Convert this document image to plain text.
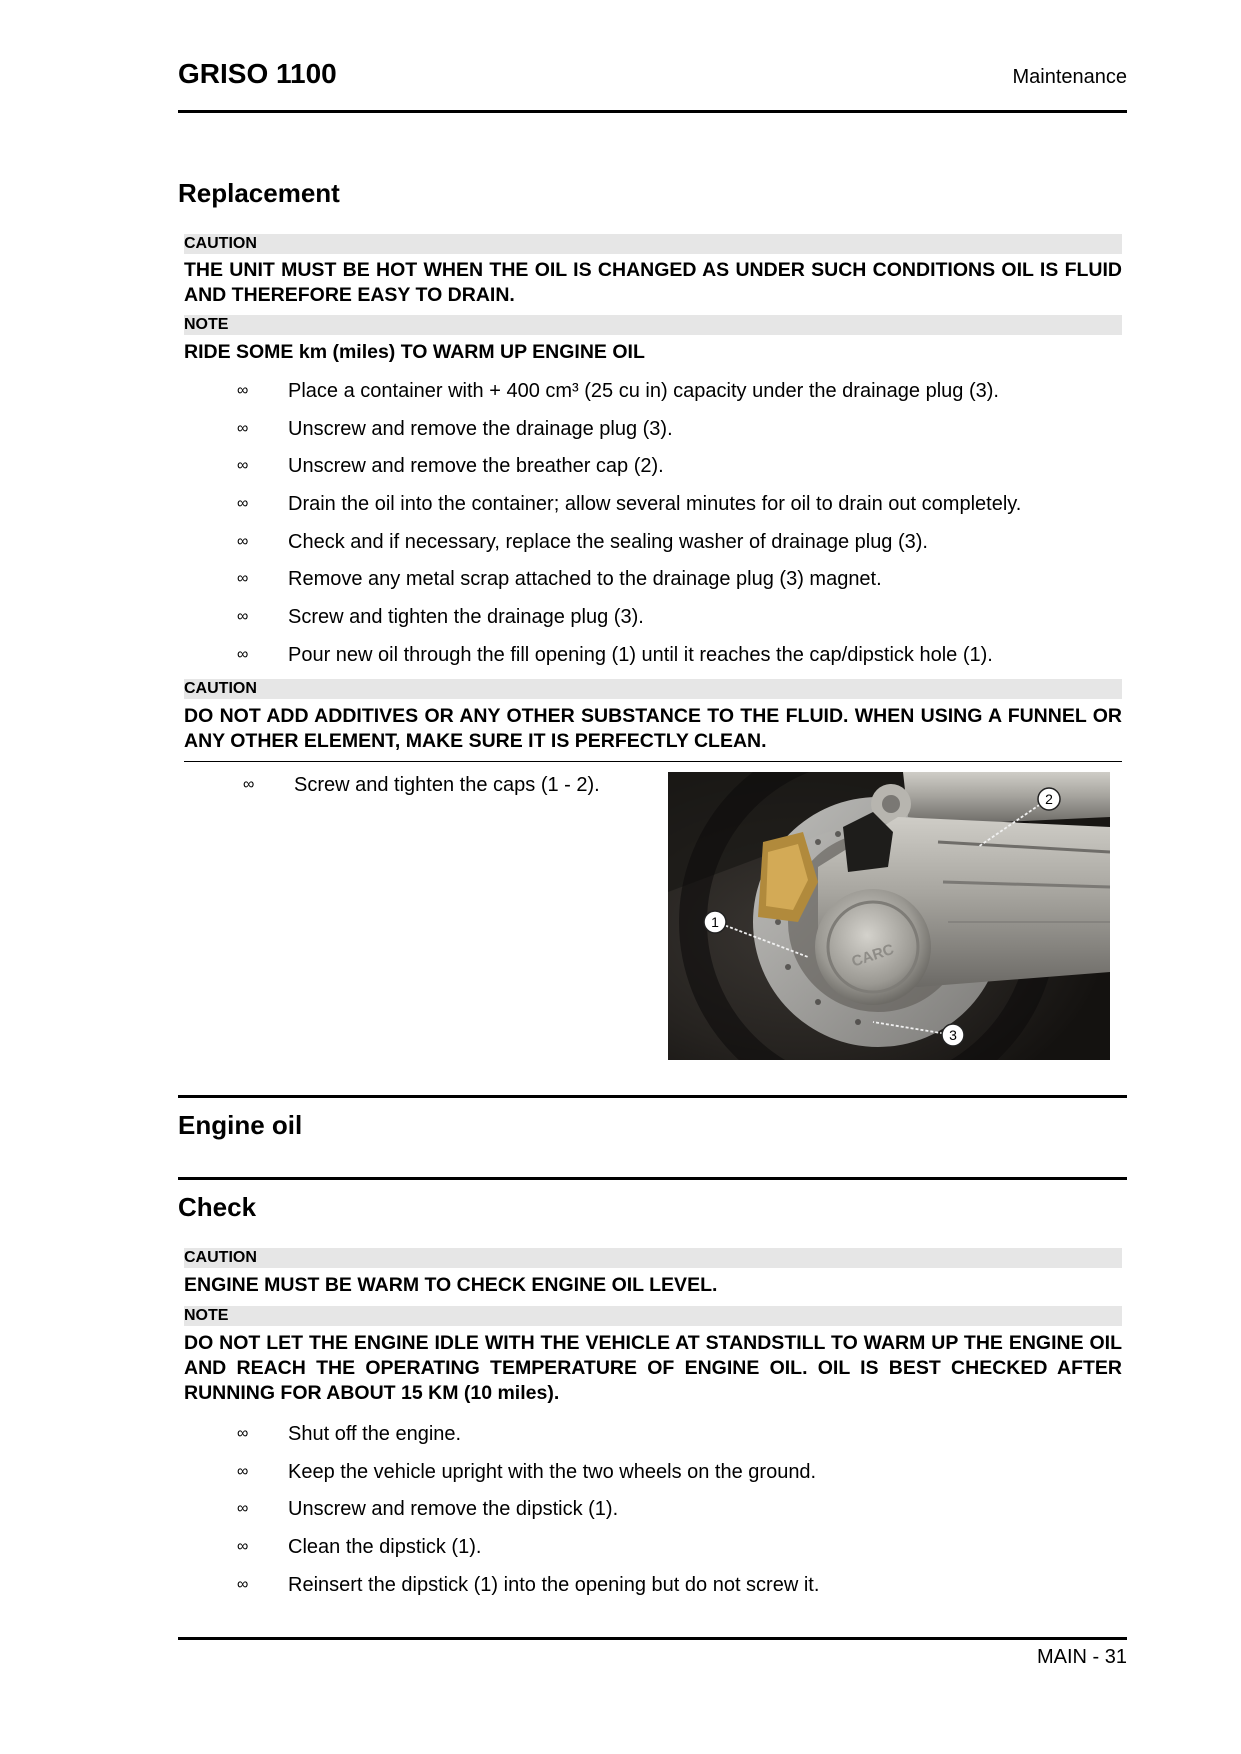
GRISO 1100	Maintenance
Replacement
CAUTION
THE UNIT MUST BE HOT WHEN THE OIL IS CHANGED AS UNDER SUCH CONDITIONS OIL IS FLUID AND THEREFORE EASY TO DRAIN.
NOTE
RIDE SOME km (miles) TO WARM UP ENGINE OIL
∞ Place a container with + 400 cm³ (25 cu in) capacity under the drainage plug (3).
∞ Unscrew and remove the drainage plug (3).
∞ Unscrew and remove the breather cap (2).
∞ Drain the oil into the container; allow several minutes for oil to drain out completely.
∞ Check and if necessary, replace the sealing washer of drainage plug (3).
∞ Remove any metal scrap attached to the drainage plug (3) magnet.
∞ Screw and tighten the drainage plug (3).
∞ Pour new oil through the fill opening (1) until it reaches the cap/dipstick hole (1).
CAUTION
DO NOT ADD ADDITIVES OR ANY OTHER SUBSTANCE TO THE FLUID. WHEN USING A FUNNEL OR ANY OTHER ELEMENT, MAKE SURE IT IS PERFECTLY CLEAN.
∞ Screw and tighten the caps (1 - 2).
CARC
1
2
3
Engine oil
Check
CAUTION
ENGINE MUST BE WARM TO CHECK ENGINE OIL LEVEL.
NOTE
DO NOT LET THE ENGINE IDLE WITH THE VEHICLE AT STANDSTILL TO WARM UP THE ENGINE OIL AND REACH THE OPERATING TEMPERATURE OF ENGINE OIL. OIL IS BEST CHECKED AFTER RUNNING FOR ABOUT 15 KM (10 miles).
∞ Shut off the engine.
∞ Keep the vehicle upright with the two wheels on the ground.
∞ Unscrew and remove the dipstick (1).
∞ Clean the dipstick (1).
∞ Reinsert the dipstick (1) into the opening but do not screw it.
MAIN - 31
